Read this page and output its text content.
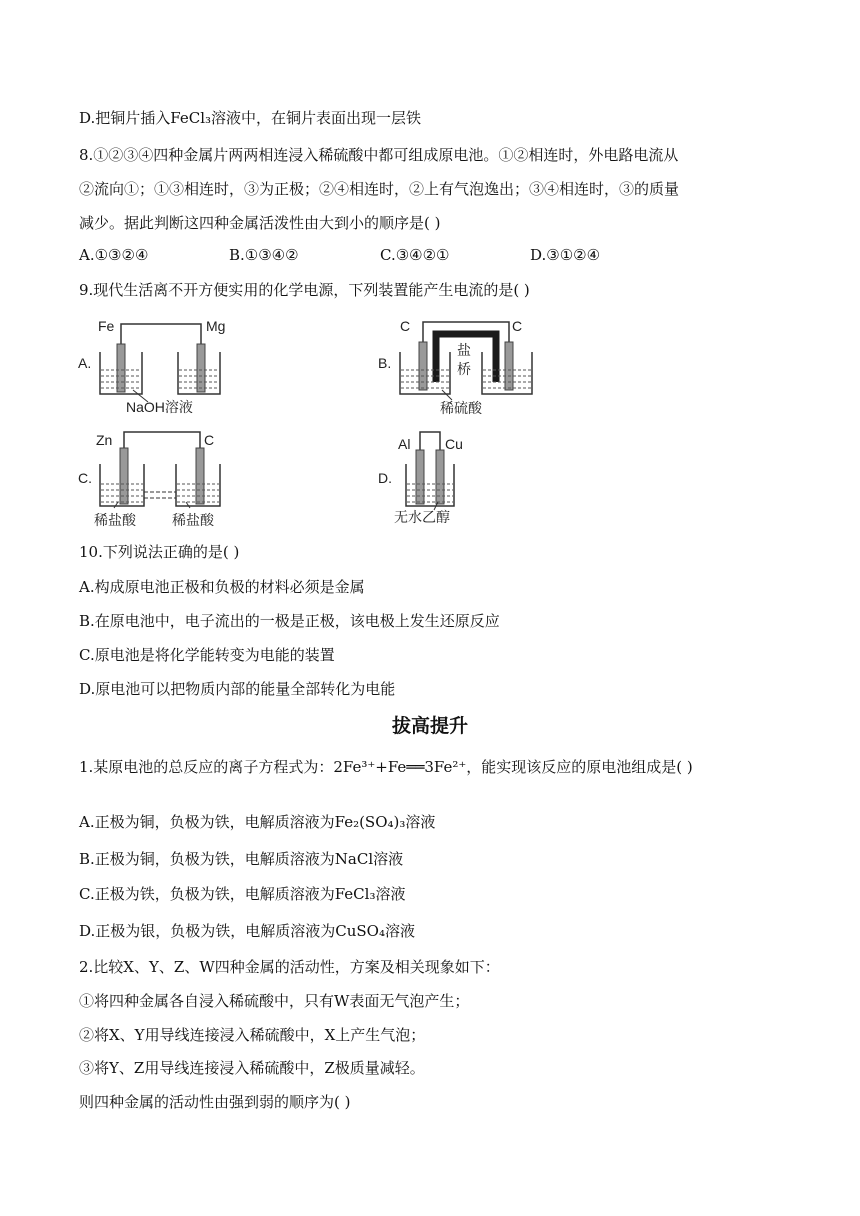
D.把铜片插入FeCl₃溶液中，在铜片表面出现一层铁
8.①②③④四种金属片两两相连浸入稀硫酸中都可组成原电池。①②相连时，外电路电流从
②流向①；①③相连时，③为正极；②④相连时，②上有气泡逸出；③④相连时，③的质量
减少。据此判断这四种金属活泼性由大到小的顺序是( )
A.①③②④	B.①③④②	C.③④②①	D.③①②④
9.现代生活离不开方便实用的化学电源，下列装置能产生电流的是( )
A.
Fe	Mg
NaOH溶液
B.
C	C
盐
桥
稀硫酸
C.
Zn	C
稀盐酸	稀盐酸
D.
Al Cu
无水乙醇
10.下列说法正确的是( )
A.构成原电池正极和负极的材料必须是金属
B.在原电池中，电子流出的一极是正极，该电极上发生还原反应
C.原电池是将化学能转变为电能的装置
D.原电池可以把物质内部的能量全部转化为电能
拔高提升
1.某原电池的总反应的离子方程式为：2Fe³⁺+Fe══3Fe²⁺，能实现该反应的原电池组成是( )
A.正极为铜，负极为铁，电解质溶液为Fe₂(SO₄)₃溶液
B.正极为铜，负极为铁，电解质溶液为NaCl溶液
C.正极为铁，负极为铁，电解质溶液为FeCl₃溶液
D.正极为银，负极为铁，电解质溶液为CuSO₄溶液
2.比较X、Y、Z、W四种金属的活动性，方案及相关现象如下：
①将四种金属各自浸入稀硫酸中，只有W表面无气泡产生；
②将X、Y用导线连接浸入稀硫酸中，X上产生气泡；
③将Y、Z用导线连接浸入稀硫酸中，Z极质量减轻。
则四种金属的活动性由强到弱的顺序为( )
